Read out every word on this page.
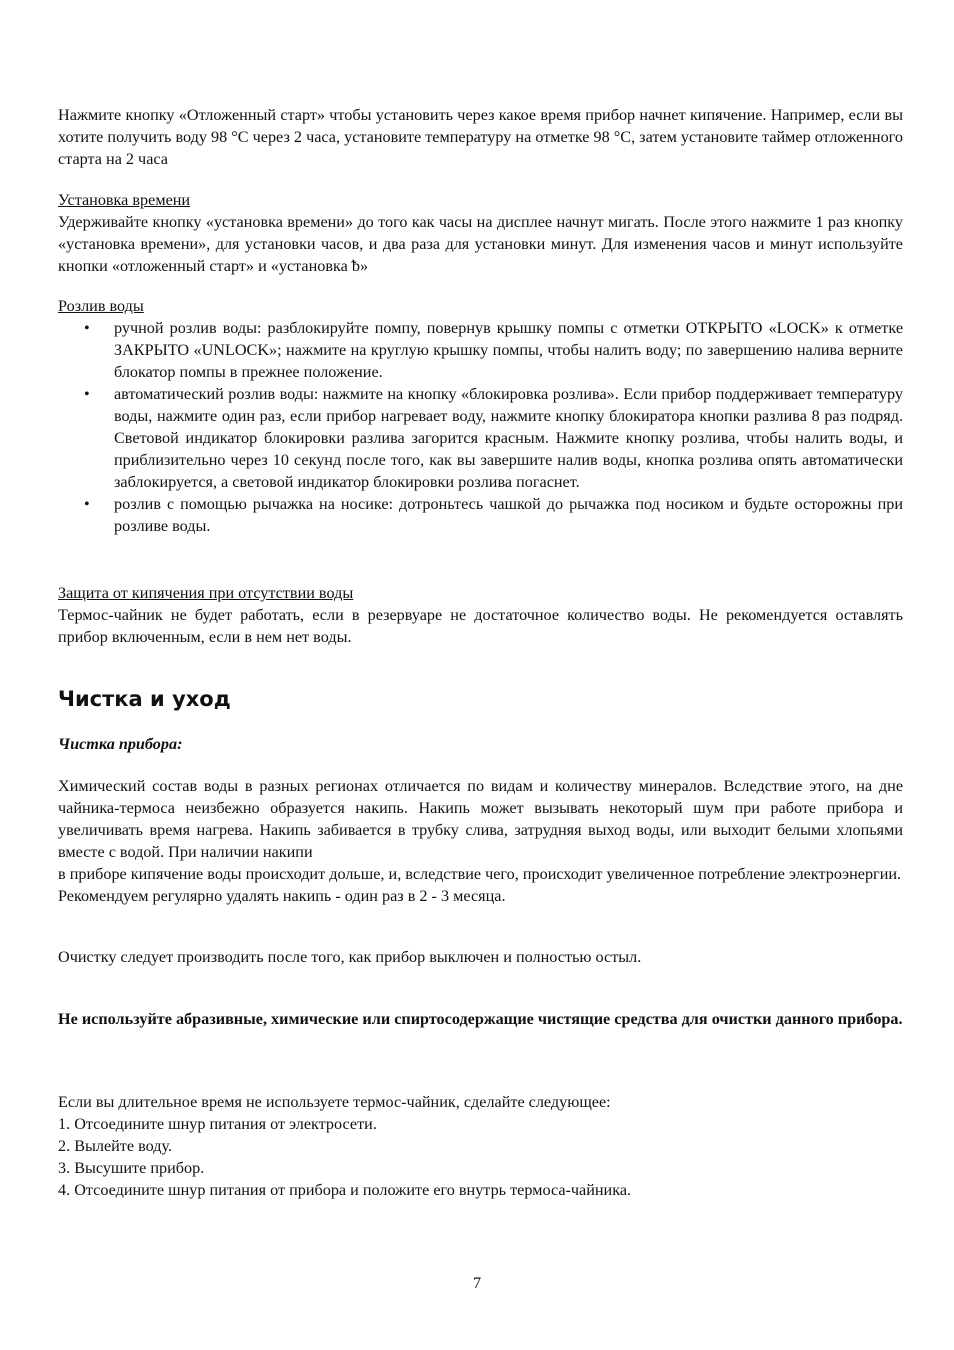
Нажмите кнопку «Отложенный старт» чтобы установить через какое время прибор начнет кипячение. Например, если вы хотите получить воду 98 °С через 2 часа, установите температуру на отметке 98 °С, затем установите таймер отложенного старта на 2 часа

Установка времени

Удерживайте кнопку «установка времени» до того как часы на дисплее начнут мигать. После этого нажмите 1 раз кнопку «установка времени», для установки часов, и два раза для установки минут. Для изменения часов и минут используйте кнопки «отложенный старт» и «установка ᵬ»

Розлив воды
• ручной розлив воды: разблокируйте помпу, повернув крышку помпы с отметки ОТКРЫТО «LOCK» к отметке ЗАКРЫТО «UNLOCK»; нажмите на круглую крышку помпы, чтобы налить воду; по завершению налива верните блокатор помпы в прежнее положение.
• автоматический розлив воды: нажмите на кнопку «блокировка розлива». Если прибор поддерживает температуру воды, нажмите один раз, если прибор нагревает воду, нажмите кнопку блокиратора кнопки разлива 8 раз подряд. Световой индикатор блокировки разлива загорится красным. Нажмите кнопку розлива, чтобы налить воды, и приблизительно через 10 секунд после того, как вы завершите налив воды, кнопка розлива опять автоматически заблокируется, а световой индикатор блокировки розлива погаснет.
• розлив с помощью рычажка на носике: дотроньтесь чашкой до рычажка под носиком и будьте осторожны при розливе воды.
Защита от кипячения при отсутствии воды

Термос-чайник не будет работать, если в резервуаре не достаточное количество воды. Не рекомендуется оставлять прибор включенным, если в нем нет воды.

Чистка и уход
Чистка прибора:

Химический состав воды в разных регионах отличается по видам и количеству минералов. Вследствие этого, на дне чайника-термоса неизбежно образуется накипь. Накипь может вызывать некоторый шум при работе прибора и увеличивать время нагрева. Накипь забивается в трубку слива, затрудняя выход воды, или выходит белыми хлопьями вместе с водой. При наличии накипи

в приборе кипячение воды происходит дольше, и, вследствие чего, происходит увеличенное потребление электроэнергии. Рекомендуем регулярно удалять накипь - один раз в 2 - 3 месяца.

Очистку следует производить после того, как прибор выключен и полностью остыл.

Не используйте абразивные, химические или спиртосодержащие чистящие средства для очистки данного прибора.

Если вы длительное время не используете термос-чайник, сделайте следующее:

1. Отсоедините шнур питания от электросети.

2. Вылейте воду.

3. Высушите прибор.

4. Отсоедините шнур питания от прибора и положите его внутрь термоса-чайника.

7
